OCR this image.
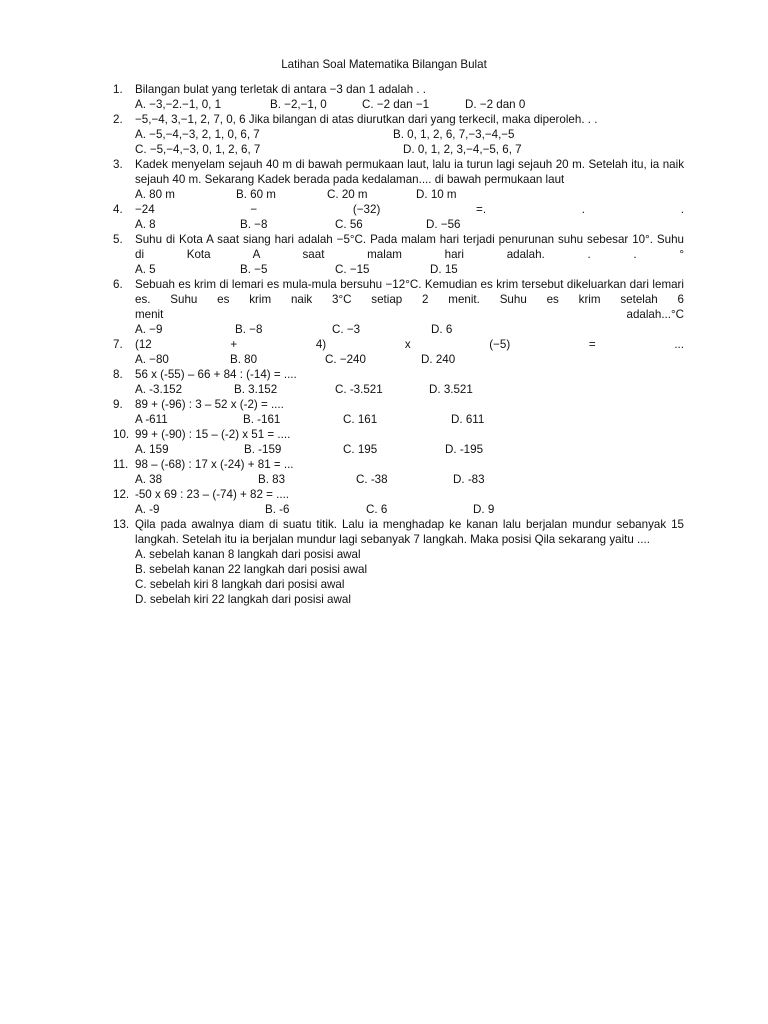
Latihan Soal Matematika Bilangan Bulat
1.	Bilangan bulat yang terletak di antara −3 dan 1 adalah . .
A. −3,−2.−1, 0, 1	B. −2,−1, 0	C. −2 dan −1	D. −2 dan 0
2.	−5,−4, 3,−1, 2, 7, 0, 6 Jika bilangan di atas diurutkan dari yang terkecil, maka diperoleh. . .
A. −5,−4,−3, 2, 1, 0, 6, 7	B. 0, 1, 2, 6, 7,−3,−4,−5
C. −5,−4,−3, 0, 1, 2, 6, 7	D. 0, 1, 2, 3,−4,−5, 6, 7
3.	Kadek menyelam sejauh 40 m di bawah permukaan laut, lalu ia turun lagi sejauh 20 m. Setelah itu, ia naik sejauh 40 m. Sekarang Kadek berada pada kedalaman.... di bawah permukaan laut
A. 80 m	B. 60 m	C. 20 m	D. 10 m
4.	−24	−	(−32)	=.	.	.
A. 8	B. −8	C. 56	D. −56
5.	Suhu di Kota A saat siang hari adalah −5°C. Pada malam hari terjadi penurunan suhu sebesar 10°. Suhu di Kota A saat malam hari adalah. . . °
A. 5	B. −5	C. −15	D. 15
6.	Sebuah es krim di lemari es mula-mula bersuhu −12°C. Kemudian es krim tersebut dikeluarkan dari lemari es. Suhu es krim naik 3°C setiap 2 menit. Suhu es krim setelah 6
menit	adalah...°C
A. −9	B. −8	C. −3	D. 6
7.	(12	+	4)	x	(−5)	=	...
A. −80	B. 80	C. −240	D. 240
8.	56 x (-55) – 66 + 84 : (-14) = ....
A. -3.152	B. 3.152	C. -3.521	D. 3.521
9.	89 + (-96) : 3 – 52 x (-2) = ....
A -611	B. -161	C. 161	D. 611
10. 99 + (-90) : 15 – (-2) x 51 = ....
A. 159	B. -159	C. 195	D. -195
11. 98 – (-68) : 17 x (-24) + 81 = ...
A. 38	B. 83	C. -38	D. -83
12. -50 x 69 : 23 – (-74) + 82 = ....
A. -9	B. -6	C. 6	D. 9
13. Qila pada awalnya diam di suatu titik. Lalu ia menghadap ke kanan lalu berjalan mundur sebanyak 15 langkah. Setelah itu ia berjalan mundur lagi sebanyak 7 langkah. Maka posisi Qila sekarang yaitu ....
A. sebelah kanan 8 langkah dari posisi awal
B. sebelah kanan 22 langkah dari posisi awal
C. sebelah kiri 8 langkah dari posisi awal
D. sebelah kiri 22 langkah dari posisi awal
